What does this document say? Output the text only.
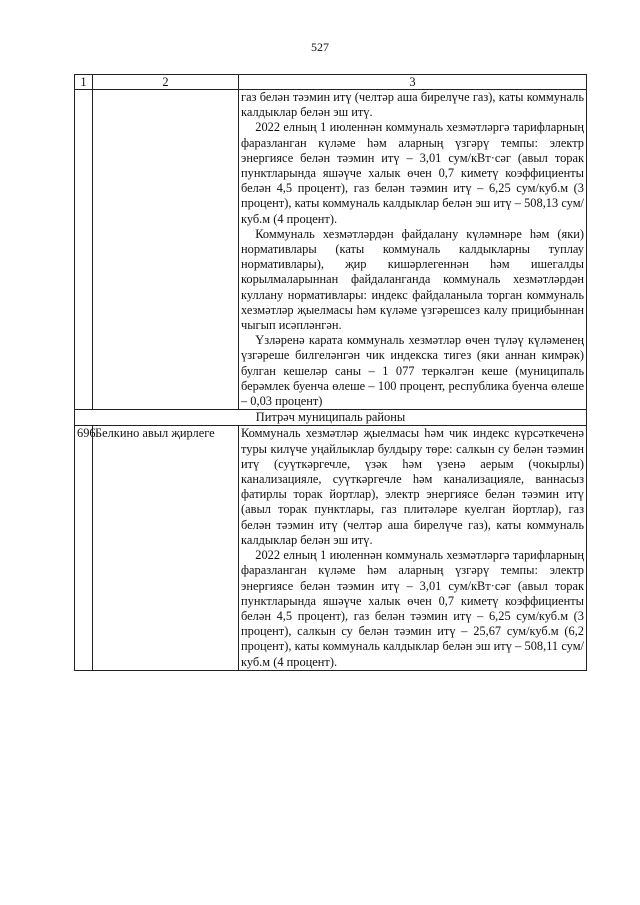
527
1	2	3

		газ белән тәэмин итү (челтәр аша бирелүче газ), каты коммуналь калдыклар белән эш итү.

2022 елның 1 июленнән коммуналь хезмәтләргә тарифларның фаразланган күләме һәм аларның үзгәрү темпы: электр энергиясе белән тәэмин итү – 3,01 сум/кВт·сәг (авыл торак пунктларында яшәүче халык өчен 0,7 киметү коэффициенты белән 4,5 процент), газ белән тәэмин итү – 6,25 сум/куб.м (3 процент), каты коммуналь калдыклар белән эш итү – 508,13 сум/куб.м (4 процент).

Коммуналь хезмәтләрдән файдалану күләмнәре һәм (яки) нормативлары (каты коммуналь калдыкларны туплау нормативлары), җир кишәрлегеннән һәм ишегалды корылмаларыннан файдаланганда коммуналь хезмәтләрдән куллану нормативлары: индекс файдаланыла торган коммуналь хезмәтләр җыелмасы һәм күләме үзгәрешсез калу прицибыннан чыгып исәпләнгән.

Үзләренә карата коммуналь хезмәтләр өчен түләү күләменең үзгәреше билгеләнгән чик индекска тигез (яки аннан кимрәк) булган кешеләр саны – 1 077 теркәлгән кеше (муниципаль берәмлек буенча өлеше – 100 процент, республика буенча өлеше – 0,03 процент)

Питрәч муниципаль районы		
696	Белкино авыл җирлеге	Коммуналь хезмәтләр җыелмасы һәм чик индекс күрсәткеченә туры килүче уңайлыклар булдыру төре: салкын су белән тәэмин итү (суүткәргечле, үзәк һәм үзенә аерым (чокырлы) канализацияле, суүткәргечле һәм канализацияле, ваннасыз фатирлы торак йортлар), электр энергиясе белән тәэмин итү (авыл торак пунктлары, газ плитәләре куелган йортлар), газ белән тәэмин итү (челтәр аша бирелүче газ), каты коммуналь калдыклар белән эш итү.

2022 елның 1 июленнән коммуналь хезмәтләргә тарифларның фаразланган күләме һәм аларның үзгәрү темпы: электр энергиясе белән тәэмин итү – 3,01 сум/кВт·сәг (авыл торак пунктларында яшәүче халык өчен 0,7 киметү коэффициенты белән 4,5 процент), газ белән тәэмин итү – 6,25 сум/куб.м (3 процент), салкын су белән тәэмин итү – 25,67 сум/куб.м (6,2 процент), каты коммуналь калдыклар белән эш итү – 508,11 сум/куб.м (4 процент).
